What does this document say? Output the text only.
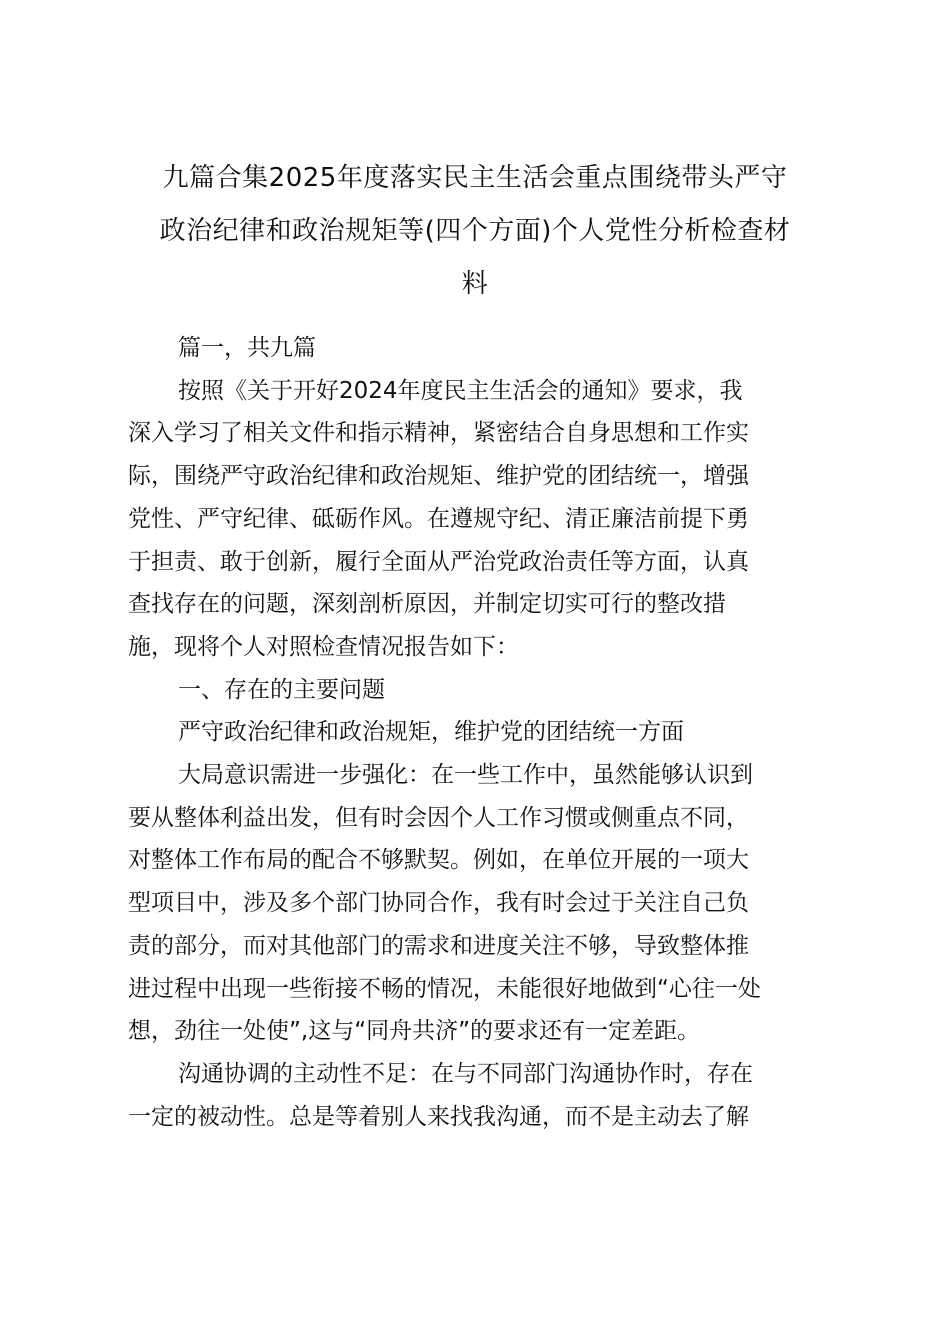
九篇合集2025年度落实民主生活会重点围绕带头严守
政治纪律和政治规矩等(四个方面)个人党性分析检查材
料
篇一，共九篇
按照《关于开好2024年度民主生活会的通知》要求，我
深入学习了相关文件和指示精神，紧密结合自身思想和工作实
际，围绕严守政治纪律和政治规矩、维护党的团结统一，增强
党性、严守纪律、砥砺作风。在遵规守纪、清正廉洁前提下勇
于担责、敢于创新，履行全面从严治党政治责任等方面，认真
查找存在的问题，深刻剖析原因，并制定切实可行的整改措
施，现将个人对照检查情况报告如下：
一、存在的主要问题
严守政治纪律和政治规矩，维护党的团结统一方面
大局意识需进一步强化：在一些工作中，虽然能够认识到
要从整体利益出发，但有时会因个人工作习惯或侧重点不同，
对整体工作布局的配合不够默契。例如，在单位开展的一项大
型项目中，涉及多个部门协同合作，我有时会过于关注自己负
责的部分，而对其他部门的需求和进度关注不够，导致整体推
进过程中出现一些衔接不畅的情况，未能很好地做到“心往一处
想，劲往一处使”,这与“同舟共济”的要求还有一定差距。
沟通协调的主动性不足：在与不同部门沟通协作时，存在
一定的被动性。总是等着别人来找我沟通，而不是主动去了解
